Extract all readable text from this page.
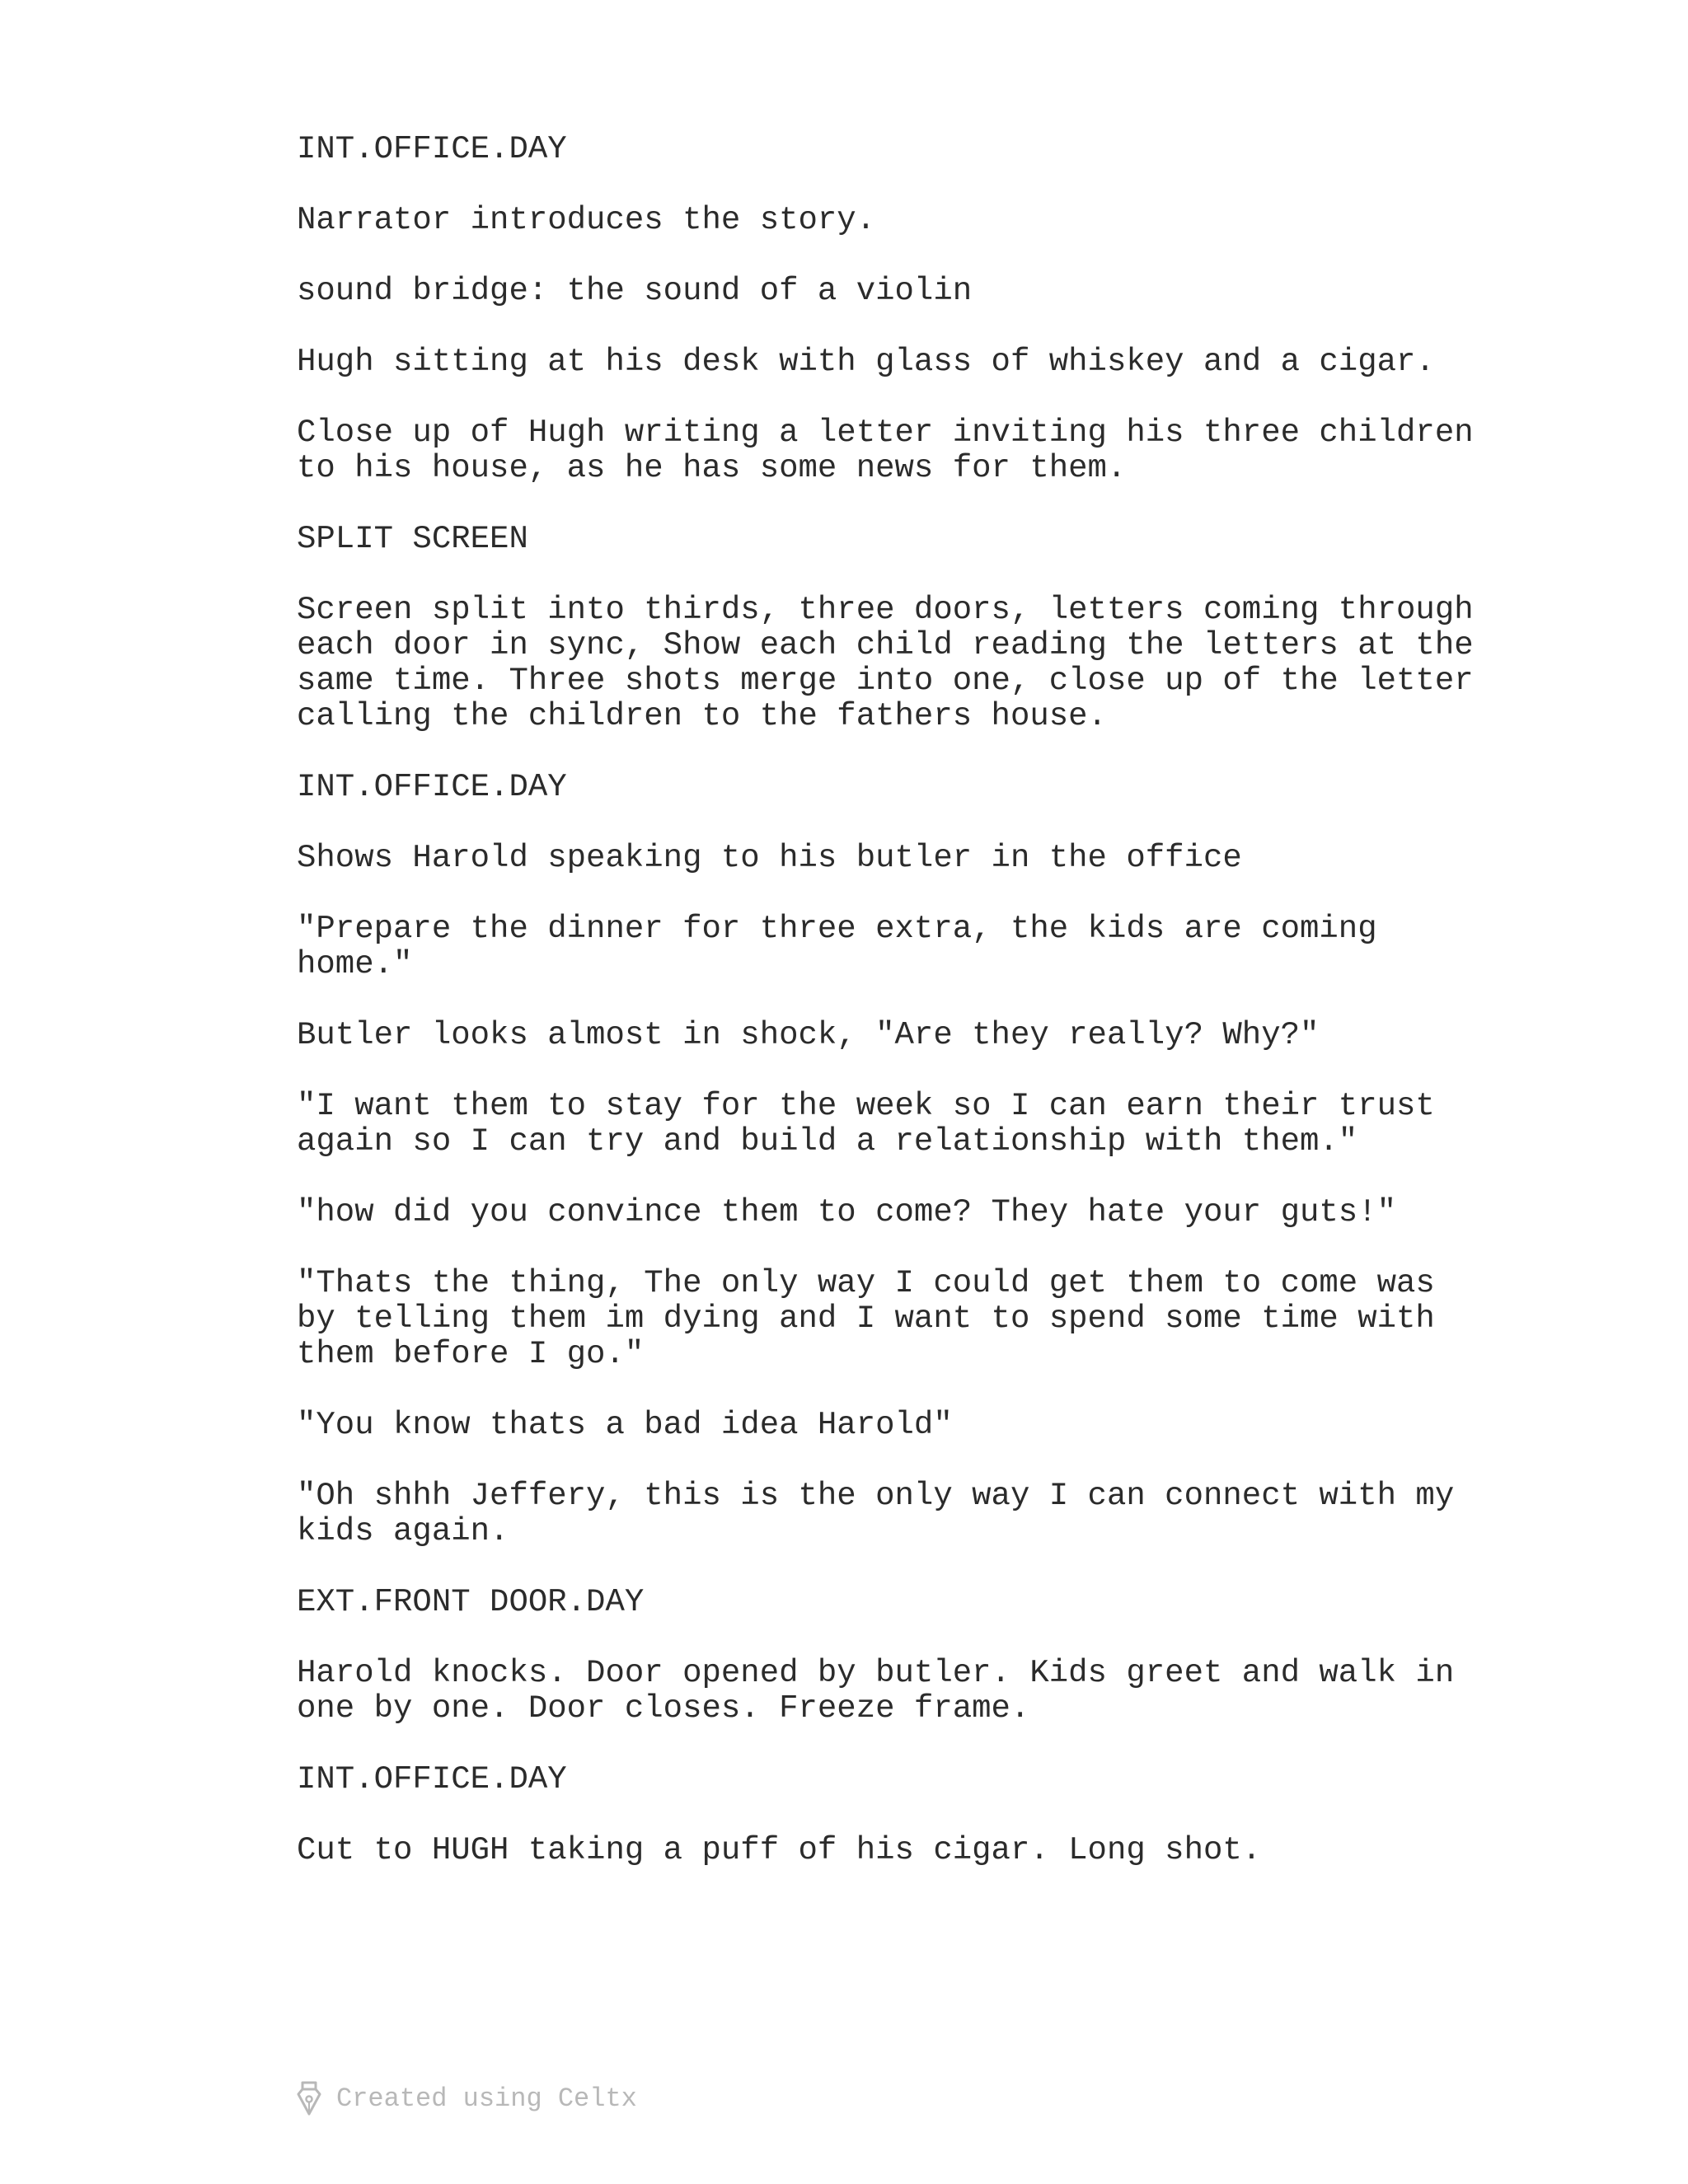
INT.OFFICE.DAY
Narrator introduces the story.
sound bridge: the sound of a violin
Hugh sitting at his desk with glass of whiskey and a cigar.
Close up of Hugh writing a letter inviting his three children
to his house, as he has some news for them.
SPLIT SCREEN
Screen split into thirds, three doors, letters coming through
each door in sync, Show each child reading the letters at the
same time. Three shots merge into one, close up of the letter
calling the children to the fathers house.
INT.OFFICE.DAY
Shows Harold speaking to his butler in the office
"Prepare the dinner for three extra, the kids are coming
home."
Butler looks almost in shock, "Are they really? Why?"
"I want them to stay for the week so I can earn their trust
again so I can try and build a relationship with them."
"how did you convince them to come? They hate your guts!"
"Thats the thing, The only way I could get them to come was
by telling them im dying and I want to spend some time with
them before I go."
"You know thats a bad idea Harold"
"Oh shhh Jeffery, this is the only way I can connect with my
kids again.
EXT.FRONT DOOR.DAY
Harold knocks. Door opened by butler. Kids greet and walk in
one by one. Door closes. Freeze frame.
INT.OFFICE.DAY
Cut to HUGH taking a puff of his cigar. Long shot.
Created using Celtx
